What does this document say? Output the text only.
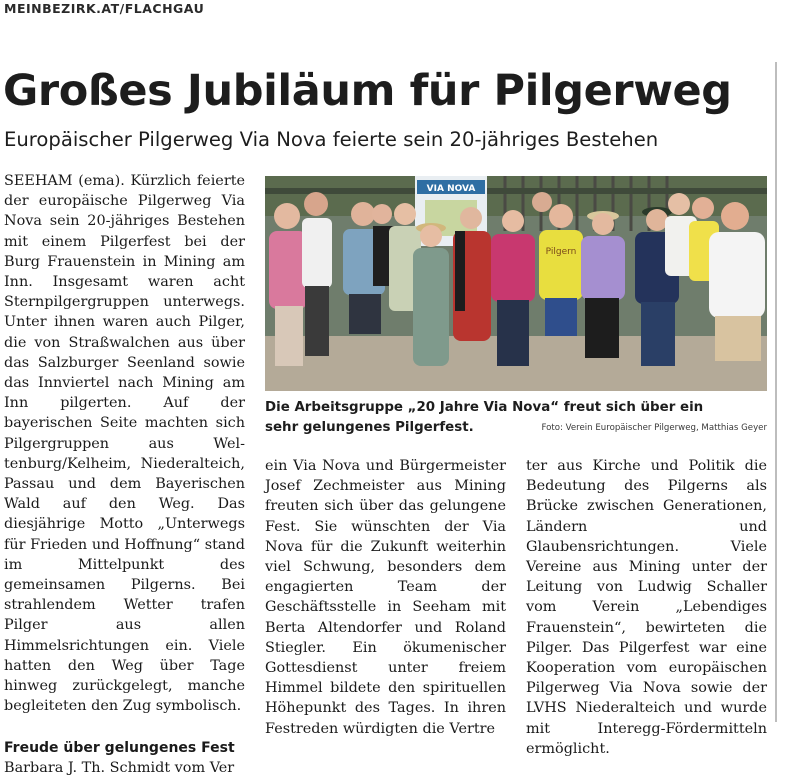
MEINBEZIRK.AT/FLACHGAU
Großes Jubiläum für Pilgerweg
Europäischer Pilgerweg Via Nova feierte sein 20-jähriges Bestehen

SEEHAM (ema). Kürzlich feierte der europäische Pilgerweg Via Nova sein 20-jähriges Bestehen mit einem Pilgerfest bei der Burg Frauenstein in Mining am Inn. Insgesamt waren acht Sternpilgergruppen unterwegs. Unter ihnen waren auch Pilger, die von Straßwalchen aus über das Salzburger Seenland sowie das Innviertel nach Mining am Inn pilgerten. Auf der bayerischen Seite machten sich Pilgergruppen aus Weltenburg/Kelheim, Niederalteich, Passau und dem Bayerischen Wald auf den Weg. Das diesjährige Motto „Unterwegs für Frieden und Hoffnung“ stand im Mittelpunkt des gemeinsamen Pilgerns. Bei strahlendem Wetter trafen Pilger aus allen Himmelsrichtungen ein. Viele hatten den Weg über Tage hinweg zurückgelegt, manche begleiteten den Zug symbolisch.

Freude über gelungenes Fest

Barbara J. Th. Schmidt vom Ver

VIA NOVA
Pilgern
Die Arbeitsgruppe „20 Jahre Via Nova“ freut sich über ein sehr gelungenes Pilgerfest.	Foto: Verein Europäischer Pilgerweg, Matthias Geyer

ein Via Nova und Bürgermeister Josef Zechmeister aus Mining freuten sich über das gelungene Fest. Sie wünschten der Via Nova für die Zukunft weiterhin viel Schwung, besonders dem engagierten Team der Geschäftsstelle in Seeham mit Berta Altendorfer und Roland Stiegler. Ein ökumenischer Gottesdienst unter freiem Himmel bildete den spirituellen Höhepunkt des Tages. In ihren Festreden würdigten die Vertre

ter aus Kirche und Politik die Bedeutung des Pilgerns als Brücke zwischen Generationen, Ländern und Glaubensrichtungen. Viele Vereine aus Mining unter der Leitung von Ludwig Schaller vom Verein „Lebendiges Frauenstein“, bewirteten die Pilger. Das Pilgerfest war eine Kooperation vom europäischen Pilgerweg Via Nova sowie der LVHS Niederalteich und wurde mit Interegg-Fördermitteln ermöglicht.
